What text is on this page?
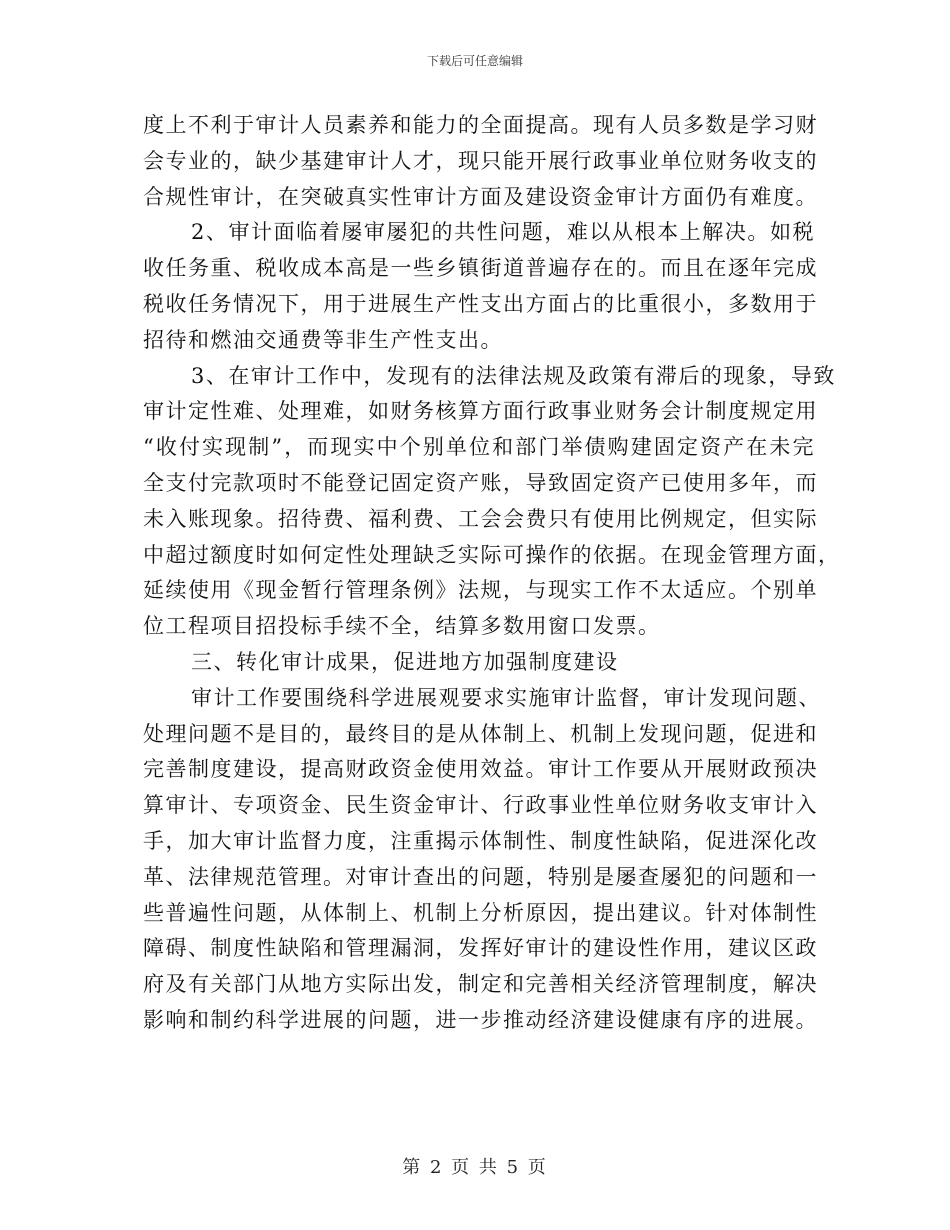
下载后可任意编辑
度上不利于审计人员素养和能力的全面提高。现有人员多数是学习财
会专业的，缺少基建审计人才，现只能开展行政事业单位财务收支的
合规性审计，在突破真实性审计方面及建设资金审计方面仍有难度。
2、审计面临着屡审屡犯的共性问题，难以从根本上解决。如税
收任务重、税收成本高是一些乡镇街道普遍存在的。而且在逐年完成
税收任务情况下，用于进展生产性支出方面占的比重很小，多数用于
招待和燃油交通费等非生产性支出。
3、在审计工作中，发现有的法律法规及政策有滞后的现象，导致
审计定性难、处理难，如财务核算方面行政事业财务会计制度规定用
“收付实现制”，而现实中个别单位和部门举债购建固定资产在未完
全支付完款项时不能登记固定资产账，导致固定资产已使用多年，而
未入账现象。招待费、福利费、工会会费只有使用比例规定，但实际
中超过额度时如何定性处理缺乏实际可操作的依据。在现金管理方面，
延续使用《现金暂行管理条例》法规，与现实工作不太适应。个别单
位工程项目招投标手续不全，结算多数用窗口发票。
三、转化审计成果，促进地方加强制度建设
审计工作要围绕科学进展观要求实施审计监督，审计发现问题、
处理问题不是目的，最终目的是从体制上、机制上发现问题，促进和
完善制度建设，提高财政资金使用效益。审计工作要从开展财政预决
算审计、专项资金、民生资金审计、行政事业性单位财务收支审计入
手，加大审计监督力度，注重揭示体制性、制度性缺陷，促进深化改
革、法律规范管理。对审计查出的问题，特别是屡查屡犯的问题和一
些普遍性问题，从体制上、机制上分析原因，提出建议。针对体制性
障碍、制度性缺陷和管理漏洞，发挥好审计的建设性作用，建议区政
府及有关部门从地方实际出发，制定和完善相关经济管理制度，解决
影响和制约科学进展的问题，进一步推动经济建设健康有序的进展。
第 2 页 共 5 页
